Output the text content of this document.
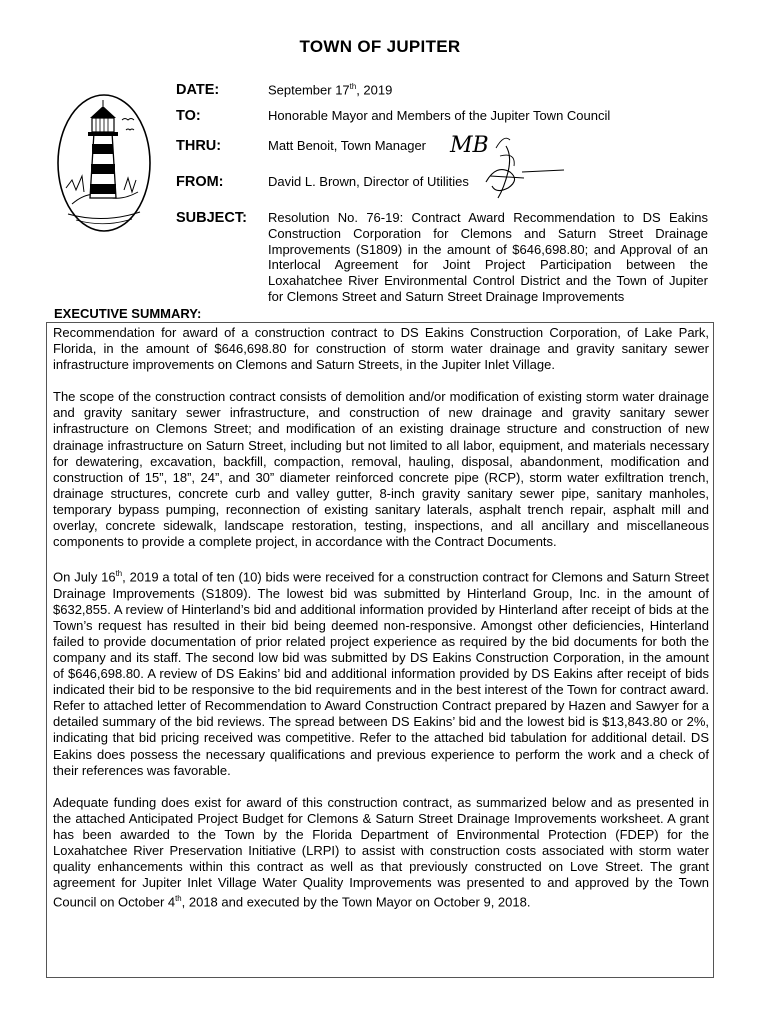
TOWN OF JUPITER
DATE:	September 17th, 2019
TO:	Honorable Mayor and Members of the Jupiter Town Council
THRU:	Matt Benoit, Town Manager
FROM:	David L. Brown, Director of Utilities
SUBJECT: Resolution No. 76-19: Contract Award Recommendation to DS Eakins Construction Corporation for Clemons and Saturn Street Drainage Improvements (S1809) in the amount of $646,698.80; and Approval of an Interlocal Agreement for Joint Project Participation between the Loxahatchee River Environmental Control District and the Town of Jupiter for Clemons Street and Saturn Street Drainage Improvements
MB
EXECUTIVE SUMMARY:

Recommendation for award of a construction contract to DS Eakins Construction Corporation, of Lake Park, Florida, in the amount of $646,698.80 for construction of storm water drainage and gravity sanitary sewer infrastructure improvements on Clemons and Saturn Streets, in the Jupiter Inlet Village.

The scope of the construction contract consists of demolition and/or modification of existing storm water drainage and gravity sanitary sewer infrastructure, and construction of new drainage and gravity sanitary sewer infrastructure on Clemons Street; and modification of an existing drainage structure and construction of new drainage infrastructure on Saturn Street, including but not limited to all labor, equipment, and materials necessary for dewatering, excavation, backfill, compaction, removal, hauling, disposal, abandonment, modification and construction of 15”, 18”, 24”, and 30” diameter reinforced concrete pipe (RCP), storm water exfiltration trench, drainage structures, concrete curb and valley gutter, 8-inch gravity sanitary sewer pipe, sanitary manholes, temporary bypass pumping, reconnection of existing sanitary laterals, asphalt trench repair, asphalt mill and overlay, concrete sidewalk, landscape restoration, testing, inspections, and all ancillary and miscellaneous components to provide a complete project, in accordance with the Contract Documents.

On July 16th, 2019 a total of ten (10) bids were received for a construction contract for Clemons and Saturn Street Drainage Improvements (S1809). The lowest bid was submitted by Hinterland Group, Inc. in the amount of $632,855. A review of Hinterland’s bid and additional information provided by Hinterland after receipt of bids at the Town’s request has resulted in their bid being deemed non-responsive. Amongst other deficiencies, Hinterland failed to provide documentation of prior related project experience as required by the bid documents for both the company and its staff. The second low bid was submitted by DS Eakins Construction Corporation, in the amount of $646,698.80. A review of DS Eakins’ bid and additional information provided by DS Eakins after receipt of bids indicated their bid to be responsive to the bid requirements and in the best interest of the Town for contract award. Refer to attached letter of Recommendation to Award Construction Contract prepared by Hazen and Sawyer for a detailed summary of the bid reviews. The spread between DS Eakins’ bid and the lowest bid is $13,843.80 or 2%, indicating that bid pricing received was competitive. Refer to the attached bid tabulation for additional detail. DS Eakins does possess the necessary qualifications and previous experience to perform the work and a check of their references was favorable.

Adequate funding does exist for award of this construction contract, as summarized below and as presented in the attached Anticipated Project Budget for Clemons & Saturn Street Drainage Improvements worksheet. A grant has been awarded to the Town by the Florida Department of Environmental Protection (FDEP) for the Loxahatchee River Preservation Initiative (LRPI) to assist with construction costs associated with storm water quality enhancements within this contract as well as that previously constructed on Love Street. The grant agreement for Jupiter Inlet Village Water Quality Improvements was presented to and approved by the Town Council on October 4th, 2018 and executed by the Town Mayor on October 9, 2018.
